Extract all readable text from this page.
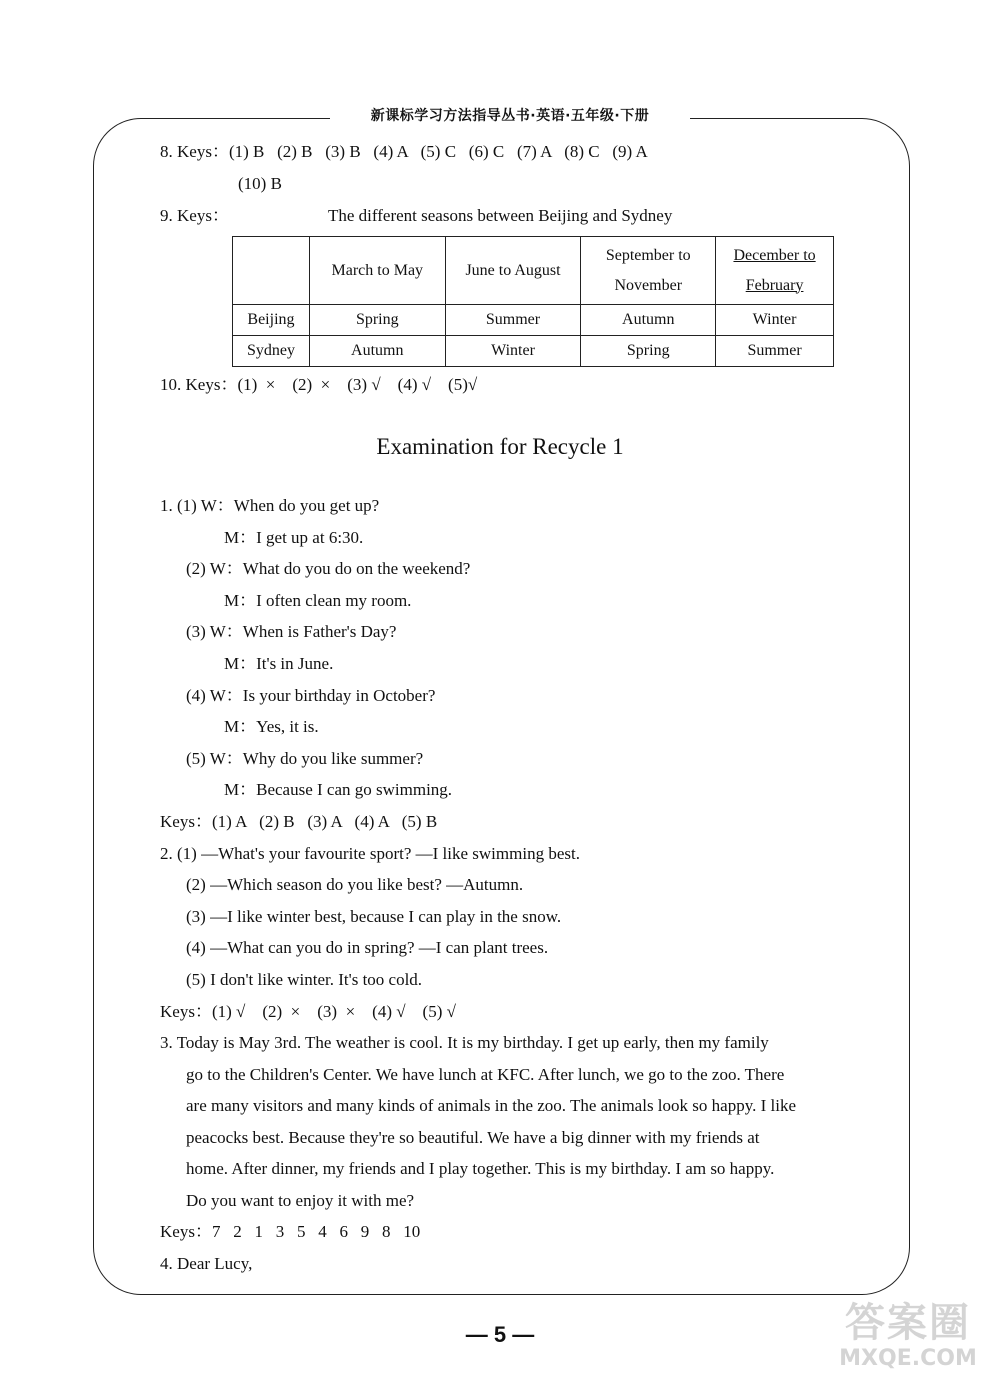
新课标学习方法指导丛书·英语·五年级·下册
8. Keys：(1) B   (2) B   (3) B   (4) A   (5) C   (6) C   (7) A   (8) C   (9) A
(10) B
9. Keys：	The different seasons between Beijing and Sydney
	March to May	June to August	September to November	December to February
Beijing	Spring	Summer	Autumn	Winter
Sydney	Autumn	Winter	Spring	Summer
10. Keys：(1)  ×    (2)  ×    (3) √    (4) √    (5)√
Examination for Recycle 1
1. (1) W：When do you get up?
M：I get up at 6:30.
(2) W：What do you do on the weekend?
M：I often clean my room.
(3) W：When is Father's Day?
M：It's in June.
(4) W：Is your birthday in October?
M：Yes, it is.
(5) W：Why do you like summer?
M：Because I can go swimming.
Keys：(1) A   (2) B   (3) A   (4) A   (5) B
2. (1) —What's your favourite sport? —I like swimming best.
(2) —Which season do you like best? —Autumn.
(3) —I like winter best, because I can play in the snow.
(4) —What can you do in spring? —I can plant trees.
(5) I don't like winter. It's too cold.
Keys：(1) √    (2)  ×    (3)  ×    (4) √    (5) √
3. Today is May 3rd. The weather is cool. It is my birthday. I get up early, then my family
go to the Children's Center. We have lunch at KFC. After lunch, we go to the zoo. There
are many visitors and many kinds of animals in the zoo. The animals look so happy. I like
peacocks best. Because they're so beautiful. We have a big dinner with my friends at
home. After dinner, my friends and I play together. This is my birthday. I am so happy.
Do you want to enjoy it with me?
Keys：7   2   1   3   5   4   6   9   8   10
4. Dear Lucy,
— 5 —	答案圈
MXQE.COM
